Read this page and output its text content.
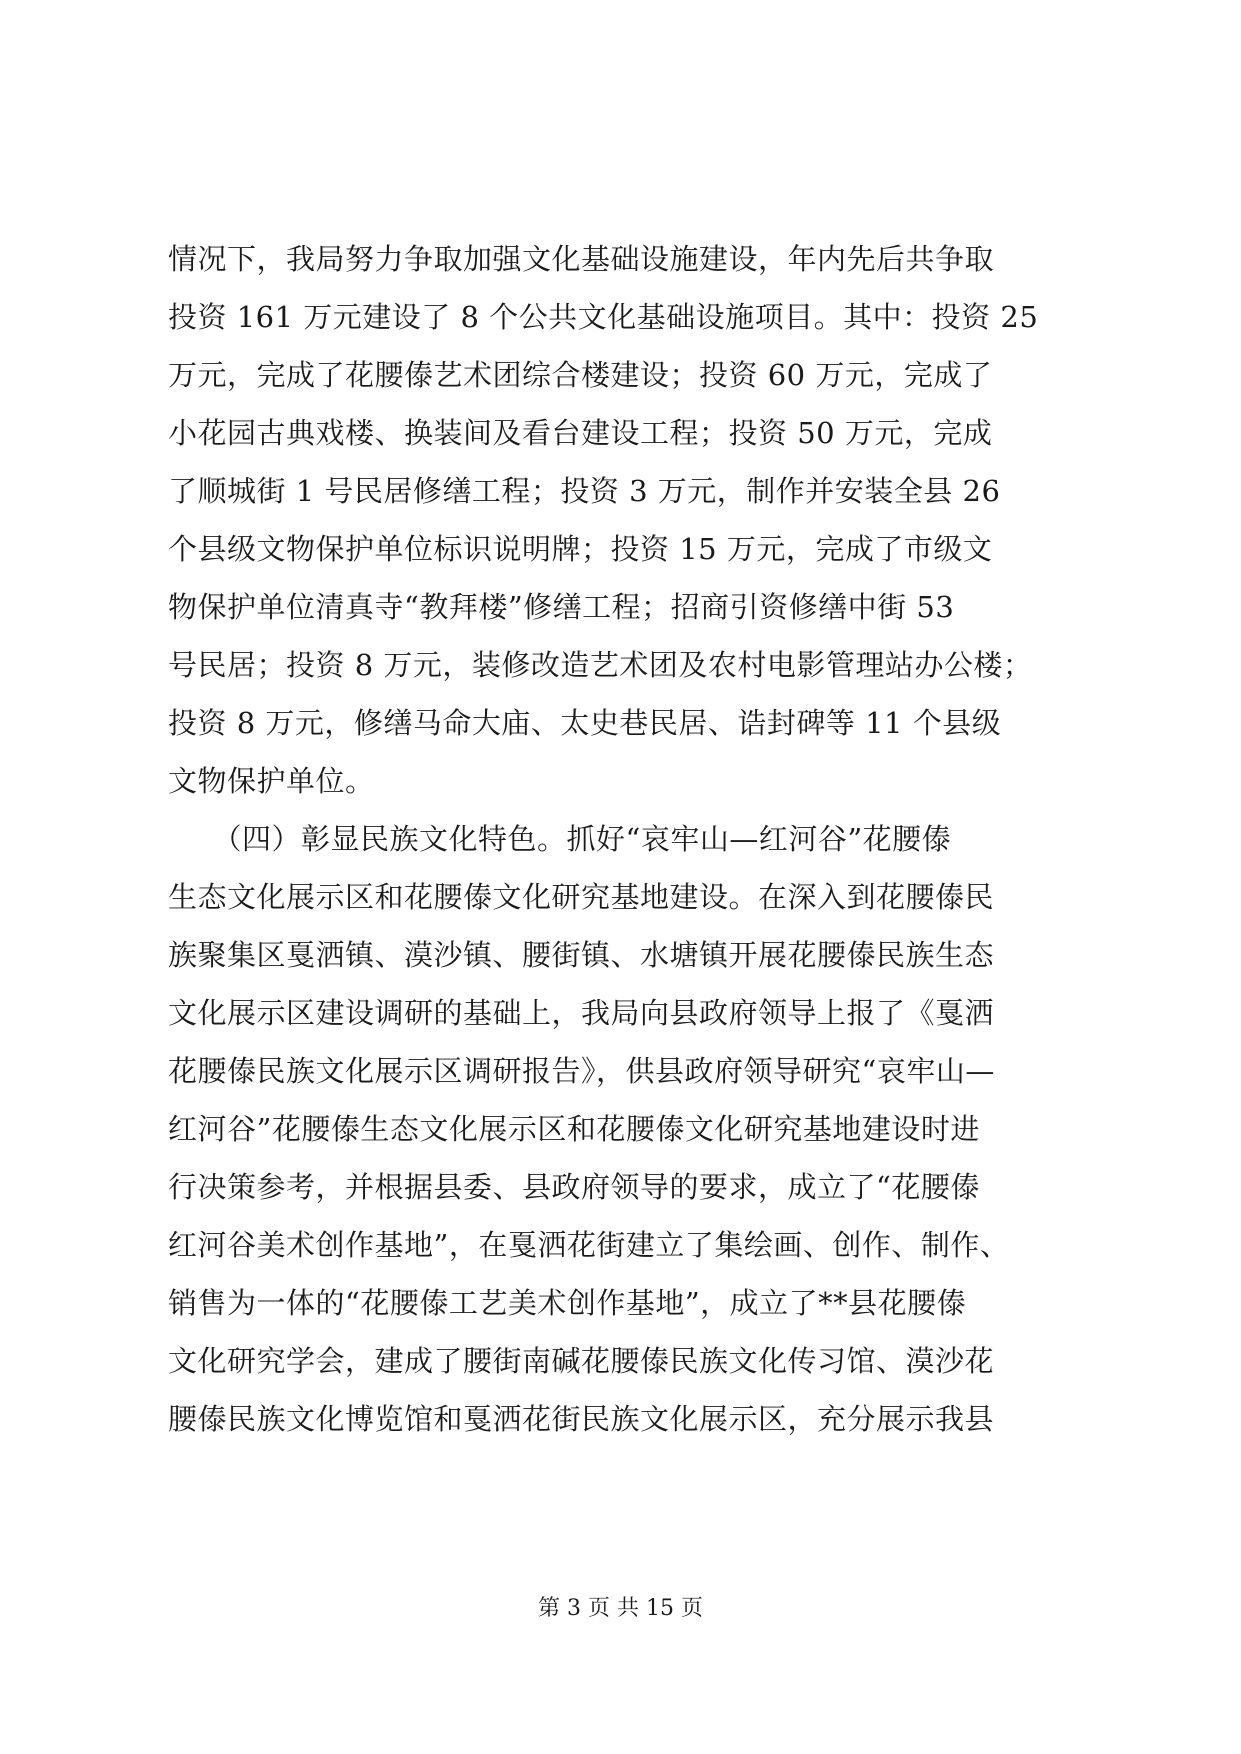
情况下，我局努力争取加强文化基础设施建设，年内先后共争取
投资 161 万元建设了 8 个公共文化基础设施项目。其中：投资 25
万元，完成了花腰傣艺术团综合楼建设；投资 60 万元，完成了
小花园古典戏楼、换装间及看台建设工程；投资 50 万元，完成
了顺城街 1 号民居修缮工程；投资 3 万元，制作并安装全县 26
个县级文物保护单位标识说明牌；投资 15 万元，完成了市级文
物保护单位清真寺“教拜楼”修缮工程；招商引资修缮中街 53
号民居；投资 8 万元，装修改造艺术团及农村电影管理站办公楼；
投资 8 万元，修缮马命大庙、太史巷民居、诰封碑等 11 个县级
文物保护单位。
　　（四）彰显民族文化特色。抓好“哀牢山—红河谷”花腰傣
生态文化展示区和花腰傣文化研究基地建设。在深入到花腰傣民
族聚集区戛洒镇、漠沙镇、腰街镇、水塘镇开展花腰傣民族生态
文化展示区建设调研的基础上，我局向县政府领导上报了《戛洒
花腰傣民族文化展示区调研报告》，供县政府领导研究“哀牢山—
红河谷”花腰傣生态文化展示区和花腰傣文化研究基地建设时进
行决策参考，并根据县委、县政府领导的要求，成立了“花腰傣
红河谷美术创作基地”，在戛洒花街建立了集绘画、创作、制作、
销售为一体的“花腰傣工艺美术创作基地”，成立了**县花腰傣
文化研究学会，建成了腰街南碱花腰傣民族文化传习馆、漠沙花
腰傣民族文化博览馆和戛洒花街民族文化展示区，充分展示我县
第 3 页 共 15 页
